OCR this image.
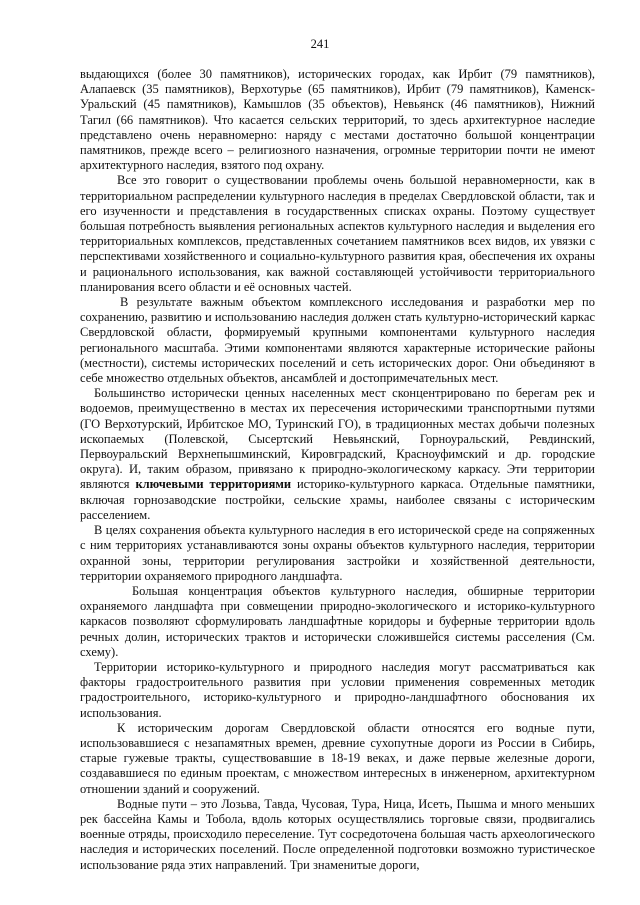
241

выдающихся (более 30 памятников), исторических городах, как Ирбит (79 памятников), Алапаевск (35 памятников), Верхотурье (65 памятников), Ирбит (79 памятников), Каменск-Уральский (45 памятников), Камышлов (35 объектов), Невьянск (46 памятников), Нижний Тагил (66 памятников). Что касается сельских территорий, то здесь архитектурное наследие представлено очень неравномерно: наряду с местами достаточно большой концентрации памятников, прежде всего – религиозного назначения, огромные территории почти не имеют архитектурного наследия, взятого под охрану.

Все это говорит о существовании проблемы очень большой неравномерности, как в территориальном распределении культурного наследия в пределах Свердловской области, так и его изученности и представления в государственных списках охраны. Поэтому существует большая потребность выявления региональных аспектов культурного наследия и выделения его территориальных комплексов, представленных сочетанием памятников всех видов, их увязки с перспективами хозяйственного и социально-культурного развития края, обеспечения их охраны и рационального использования, как важной составляющей устойчивости территориального планирования всего области и её основных частей.

В результате важным объектом комплексного исследования и разработки мер по сохранению, развитию и использованию наследия должен стать культурно-исторический каркас Свердловской области, формируемый крупными компонентами культурного наследия регионального масштаба. Этими компонентами являются характерные исторические районы (местности), системы исторических поселений и сеть исторических дорог. Они объединяют в себе множество отдельных объектов, ансамблей и достопримечательных мест.

Большинство исторически ценных населенных мест сконцентрировано по берегам рек и водоемов, преимущественно в местах их пересечения историческими транспортными путями (ГО Верхотурский, Ирбитское МО, Туринский ГО), в традиционных местах добычи полезных ископаемых (Полевской, Сысертский Невьянский, Горноуральский, Ревдинский, Первоуральский Верхнепышминский, Кировградский, Красноуфимский и др. городские округа). И, таким образом, привязано к природно-экологическому каркасу. Эти территории являются ключевыми территориями историко-культурного каркаса. Отдельные памятники, включая горнозаводские постройки, сельские храмы, наиболее связаны с историческим расселением.

В целях сохранения объекта культурного наследия в его исторической среде на сопряженных с ним территориях устанавливаются зоны охраны объектов культурного наследия, территории охранной зоны, территории регулирования застройки и хозяйственной деятельности, территории охраняемого природного ландшафта.

Большая концентрация объектов культурного наследия, обширные территории охраняемого ландшафта при совмещении природно-экологического и историко-культурного каркасов позволяют сформулировать ландшафтные коридоры и буферные территории вдоль речных долин, исторических трактов и исторически сложившейся системы расселения (См. схему).

Территории историко-культурного и природного наследия могут рассматриваться как факторы градостроительного развития при условии применения современных методик градостроительного, историко-культурного и природно-ландшафтного обоснования их использования.

К историческим дорогам Свердловской области относятся его водные пути, использовавшиеся с незапамятных времен, древние сухопутные дороги из России в Сибирь, старые гужевые тракты, существовавшие в 18-19 веках, и даже первые железные дороги, создававшиеся по единым проектам, с множеством интересных в инженерном, архитектурном отношении зданий и сооружений.

Водные пути – это Лозьва, Тавда, Чусовая, Тура, Ница, Исеть, Пышма и много меньших рек бассейна Камы и Тобола, вдоль которых осуществлялись торговые связи, продвигались военные отряды, происходило переселение. Тут сосредоточена большая часть археологического наследия и исторических поселений. После определенной подготовки возможно туристическое использование ряда этих направлений. Три знаменитые дороги,
